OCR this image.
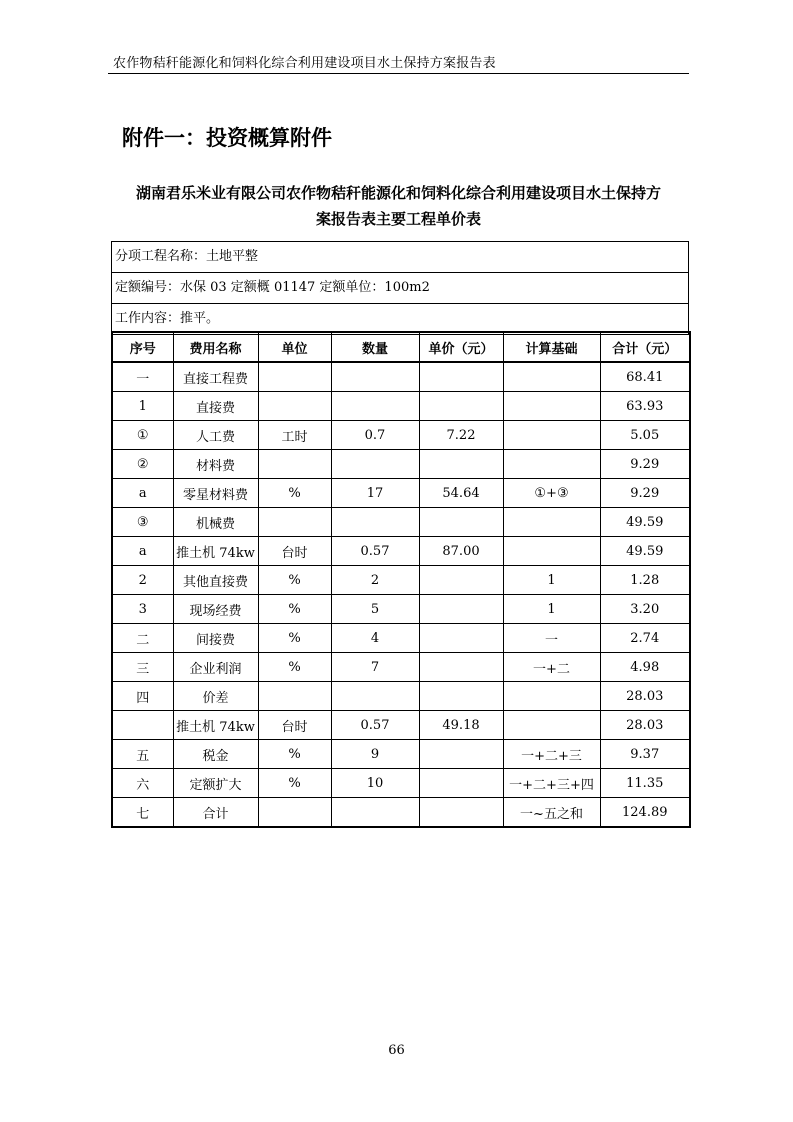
农作物秸秆能源化和饲料化综合利用建设项目水土保持方案报告表
附件一：投资概算附件
湖南君乐米业有限公司农作物秸秆能源化和饲料化综合利用建设项目水土保持方
案报告表主要工程单价表
分项工程名称：土地平整
定额编号：水保 03 定额概 01147 定额单位：100m2
工作内容：推平。
序号	费用名称	单位	数量	单价（元）	计算基础	合计（元）
一	直接工程费					68.41
1	直接费					63.93
①	人工费	工时	0.7	7.22		5.05
②	材料费					9.29
a	零星材料费	%	17	54.64	①+③	9.29
③	机械费					49.59
a	推土机 74kw	台时	0.57	87.00		49.59
2	其他直接费	%	2		1	1.28
3	现场经费	%	5		1	3.20
二	间接费	%	4		一	2.74
三	企业利润	%	7		一+二	4.98
四	价差					28.03
	推土机 74kw	台时	0.57	49.18		28.03
五	税金	%	9		一+二+三	9.37
六	定额扩大	%	10		一+二+三+四	11.35
七	合计				一~五之和	124.89
66
